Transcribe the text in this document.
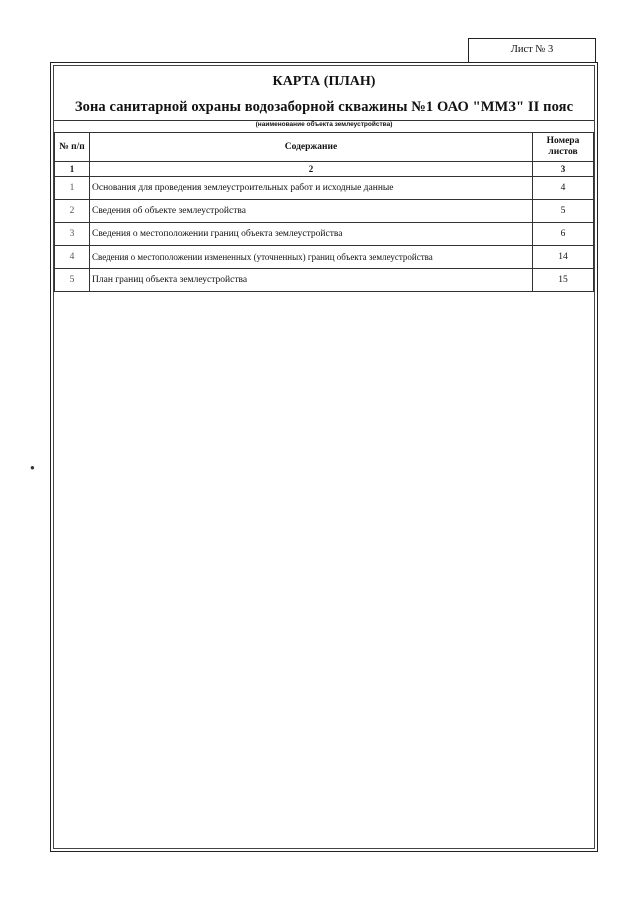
Лист № 3
КАРТА (ПЛАН)
Зона санитарной охраны водозаборной скважины №1 ОАО "ММЗ" II пояс
(наименование объекта землеустройства)
№ п/п	Содержание	Номера листов
1	2	3
1	Основания для проведения землеустроительных работ и исходные данные	4
2	Сведения об объекте землеустройства	5
3	Сведения о местоположении границ объекта землеустройства	6
4	Сведения о местоположении измененных (уточненных) границ объекта землеустройства	14
5	План границ объекта землеустройства	15
●
